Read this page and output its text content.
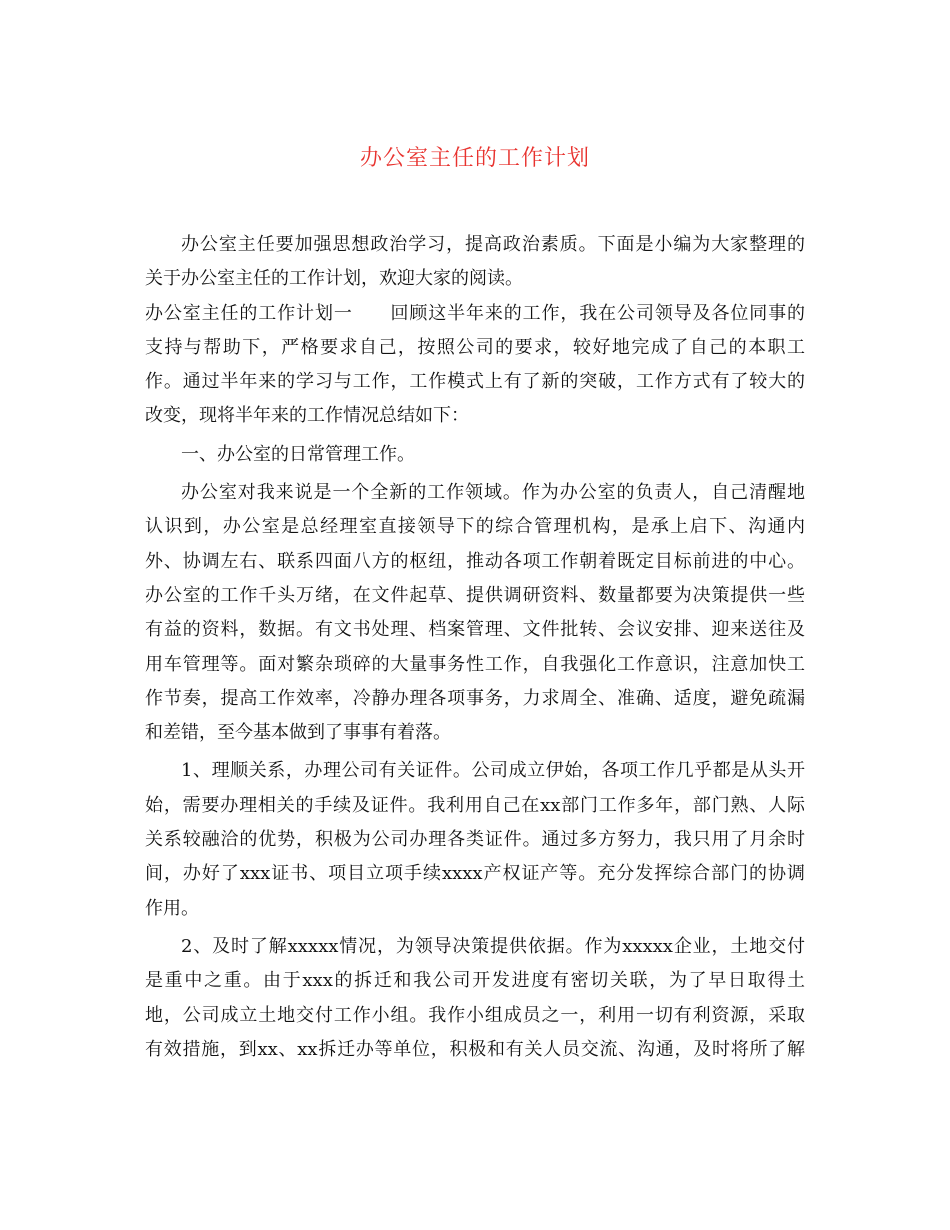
办公室主任的工作计划
办公室主任要加强思想政治学习，提高政治素质。下面是小编为大家整理的
关于办公室主任的工作计划，欢迎大家的阅读。
办公室主任的工作计划一　　回顾这半年来的工作，我在公司领导及各位同事的
支持与帮助下，严格要求自己，按照公司的要求，较好地完成了自己的本职工
作。通过半年来的学习与工作，工作模式上有了新的突破，工作方式有了较大的
改变，现将半年来的工作情况总结如下：
一、办公室的日常管理工作。
办公室对我来说是一个全新的工作领域。作为办公室的负责人，自己清醒地
认识到，办公室是总经理室直接领导下的综合管理机构，是承上启下、沟通内
外、协调左右、联系四面八方的枢纽，推动各项工作朝着既定目标前进的中心。
办公室的工作千头万绪，在文件起草、提供调研资料、数量都要为决策提供一些
有益的资料，数据。有文书处理、档案管理、文件批转、会议安排、迎来送往及
用车管理等。面对繁杂琐碎的大量事务性工作，自我强化工作意识，注意加快工
作节奏，提高工作效率，冷静办理各项事务，力求周全、准确、适度，避免疏漏
和差错，至今基本做到了事事有着落。
1、理顺关系，办理公司有关证件。公司成立伊始，各项工作几乎都是从头开
始，需要办理相关的手续及证件。我利用自己在xx部门工作多年，部门熟、人际
关系较融洽的优势，积极为公司办理各类证件。通过多方努力，我只用了月余时
间，办好了xxx证书、项目立项手续xxxx产权证产等。充分发挥综合部门的协调
作用。
2、及时了解xxxxx情况，为领导决策提供依据。作为xxxxx企业，土地交付
是重中之重。由于xxx的拆迁和我公司开发进度有密切关联，为了早日取得土
地，公司成立土地交付工作小组。我作小组成员之一，利用一切有利资源，采取
有效措施，到xx、xx拆迁办等单位，积极和有关人员交流、沟通，及时将所了解
